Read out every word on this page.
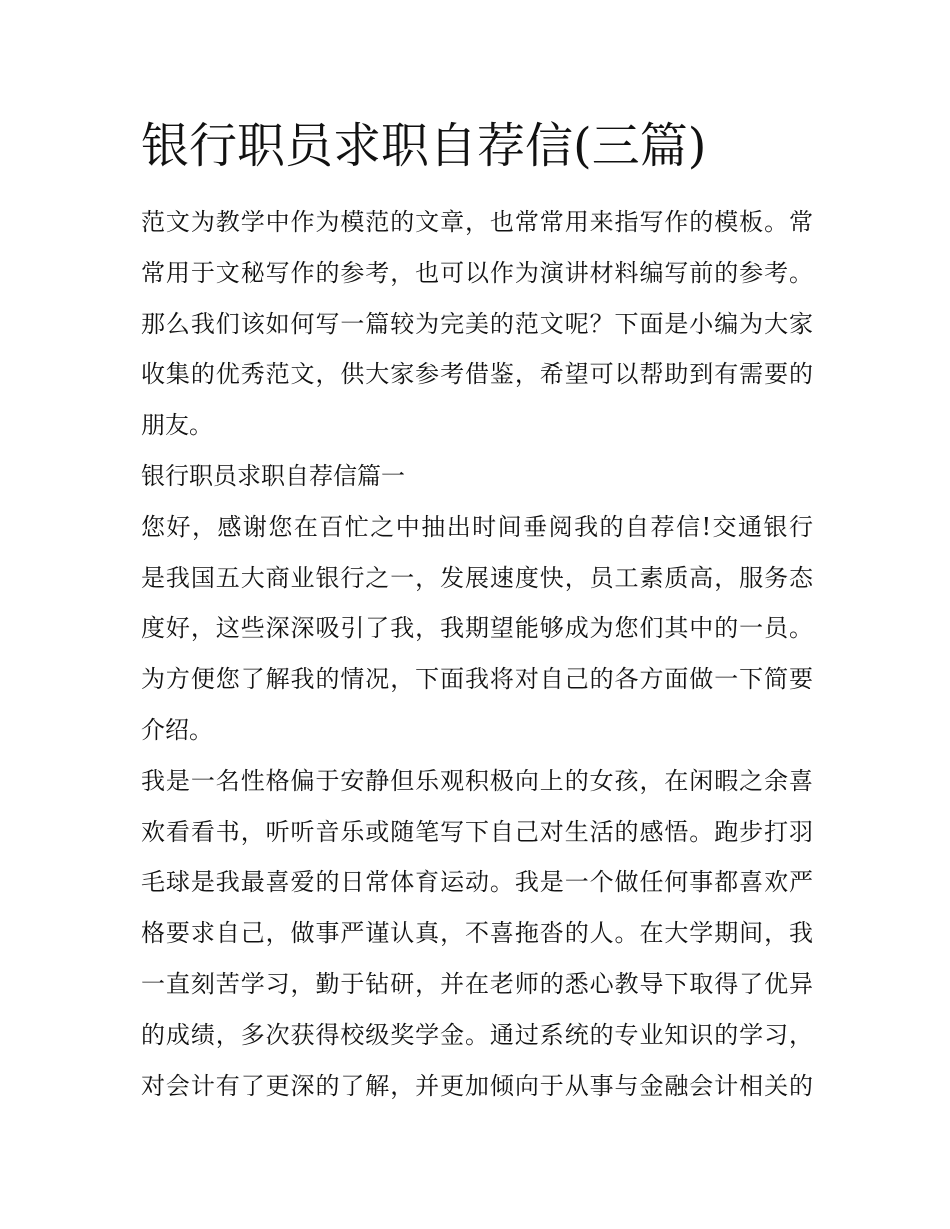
银行职员求职自荐信(三篇)
范文为教学中作为模范的文章，也常常用来指写作的模板。常
常用于文秘写作的参考，也可以作为演讲材料编写前的参考。
那么我们该如何写一篇较为完美的范文呢？下面是小编为大家
收集的优秀范文，供大家参考借鉴，希望可以帮助到有需要的
朋友。
银行职员求职自荐信篇一
您好，感谢您在百忙之中抽出时间垂阅我的自荐信!交通银行
是我国五大商业银行之一，发展速度快，员工素质高，服务态
度好，这些深深吸引了我，我期望能够成为您们其中的一员。
为方便您了解我的情况，下面我将对自己的各方面做一下简要
介绍。
我是一名性格偏于安静但乐观积极向上的女孩，在闲暇之余喜
欢看看书，听听音乐或随笔写下自己对生活的感悟。跑步打羽
毛球是我最喜爱的日常体育运动。我是一个做任何事都喜欢严
格要求自己，做事严谨认真，不喜拖沓的人。在大学期间，我
一直刻苦学习，勤于钻研，并在老师的悉心教导下取得了优异
的成绩，多次获得校级奖学金。通过系统的专业知识的学习，
对会计有了更深的了解，并更加倾向于从事与金融会计相关的
